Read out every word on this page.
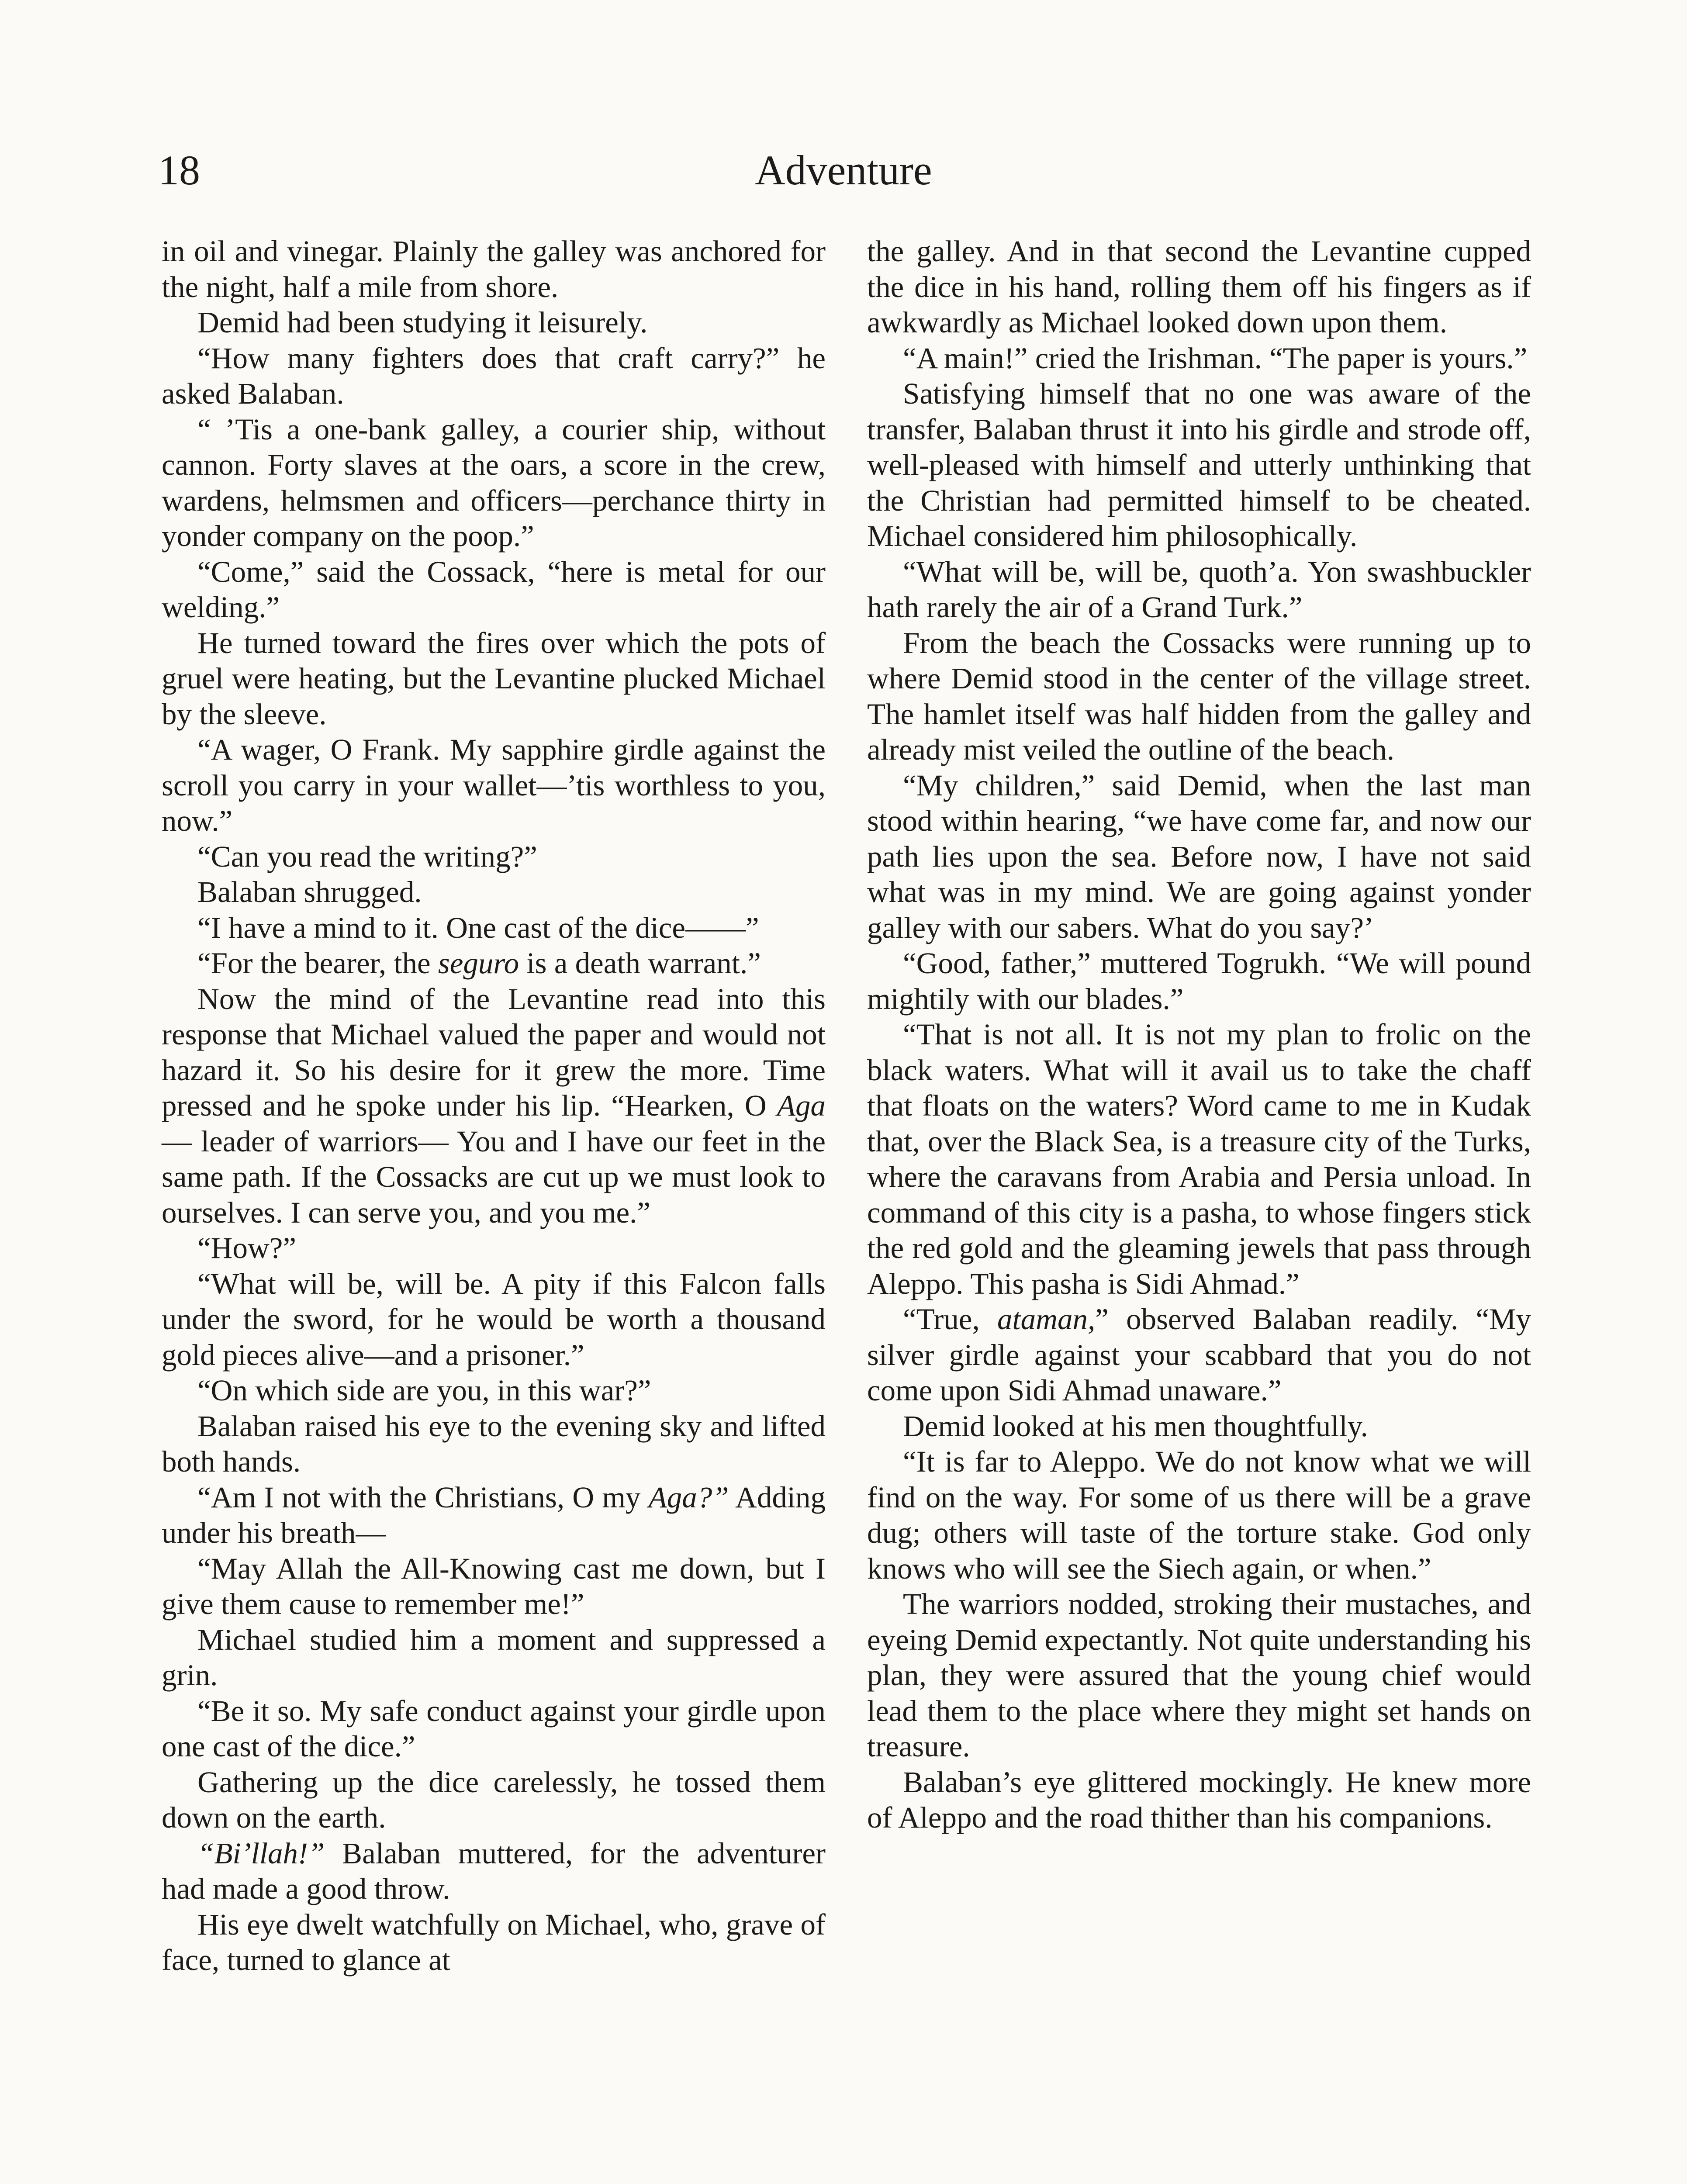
Adventure
18

in oil and vinegar. Plainly the galley was anchored for the night, half a mile from shore.

Demid had been studying it leisurely.

“How many fighters does that craft carry?” he asked Balaban.

“ ’Tis a one-bank galley, a courier ship, without cannon. Forty slaves at the oars, a score in the crew, wardens, helmsmen and officers—perchance thirty in yonder company on the poop.”

“Come,” said the Cossack, “here is metal for our welding.”

He turned toward the fires over which the pots of gruel were heating, but the Levantine plucked Michael by the sleeve.

“A wager, O Frank. My sapphire girdle against the scroll you carry in your wallet—’tis worthless to you, now.”

“Can you read the writing?”

Balaban shrugged.

“I have a mind to it. One cast of the dice——”

“For the bearer, the seguro is a death warrant.”

Now the mind of the Levantine read into this response that Michael valued the paper and would not hazard it. So his desire for it grew the more. Time pressed and he spoke under his lip. “Hearken, O Aga— leader of warriors— You and I have our feet in the same path. If the Cossacks are cut up we must look to ourselves. I can serve you, and you me.”

“How?”

“What will be, will be. A pity if this Falcon falls under the sword, for he would be worth a thousand gold pieces alive—and a prisoner.”

“On which side are you, in this war?”

Balaban raised his eye to the evening sky and lifted both hands.

“Am I not with the Christians, O my Aga?” Adding under his breath—

“May Allah the All-Knowing cast me down, but I give them cause to remember me!”

Michael studied him a moment and suppressed a grin.

“Be it so. My safe conduct against your girdle upon one cast of the dice.”

Gathering up the dice carelessly, he tossed them down on the earth.

“Bi’llah!” Balaban muttered, for the adventurer had made a good throw.

His eye dwelt watchfully on Michael, who, grave of face, turned to glance at

the galley. And in that second the Levantine cupped the dice in his hand, rolling them off his fingers as if awkwardly as Michael looked down upon them.

“A main!” cried the Irishman. “The paper is yours.”

Satisfying himself that no one was aware of the transfer, Balaban thrust it into his girdle and strode off, well-pleased with himself and utterly unthinking that the Christian had permitted himself to be cheated. Michael considered him philosophically.

“What will be, will be, quoth’a. Yon swashbuckler hath rarely the air of a Grand Turk.”

From the beach the Cossacks were running up to where Demid stood in the center of the village street. The hamlet itself was half hidden from the galley and already mist veiled the outline of the beach.

“My children,” said Demid, when the last man stood within hearing, “we have come far, and now our path lies upon the sea. Before now, I have not said what was in my mind. We are going against yonder galley with our sabers. What do you say?’

“Good, father,” muttered Togrukh. “We will pound mightily with our blades.”

“That is not all. It is not my plan to frolic on the black waters. What will it avail us to take the chaff that floats on the waters? Word came to me in Kudak that, over the Black Sea, is a treasure city of the Turks, where the caravans from Arabia and Persia unload. In command of this city is a pasha, to whose fingers stick the red gold and the gleaming jewels that pass through Aleppo. This pasha is Sidi Ahmad.”

“True, ataman,” observed Balaban readily. “My silver girdle against your scabbard that you do not come upon Sidi Ahmad unaware.”

Demid looked at his men thoughtfully.

“It is far to Aleppo. We do not know what we will find on the way. For some of us there will be a grave dug; others will taste of the torture stake. God only knows who will see the Siech again, or when.”

The warriors nodded, stroking their mustaches, and eyeing Demid expectantly. Not quite understanding his plan, they were assured that the young chief would lead them to the place where they might set hands on treasure.

Balaban’s eye glittered mockingly. He knew more of Aleppo and the road thither than his companions.
